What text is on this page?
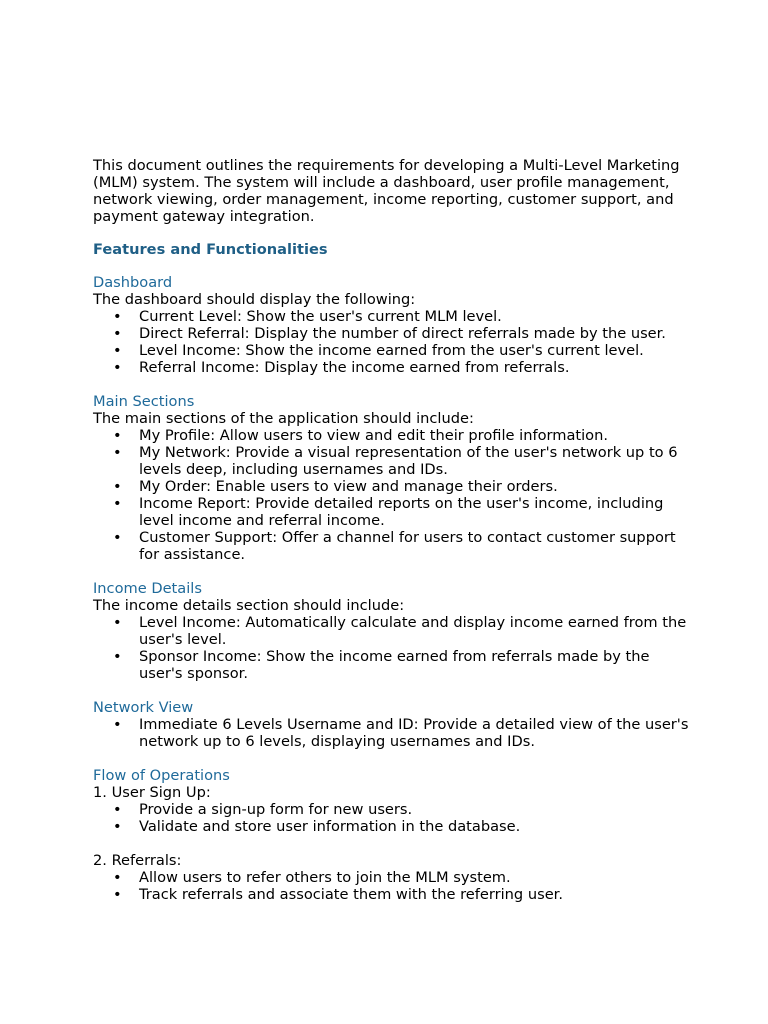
This document outlines the requirements for developing a Multi-Level Marketing (MLM) system. The system will include a dashboard, user profile management, network viewing, order management, income reporting, customer support, and payment gateway integration.

Features and Functionalities

Dashboard

The dashboard should display the following:

• Current Level: Show the user's current MLM level.
• Direct Referral: Display the number of direct referrals made by the user.
• Level Income: Show the income earned from the user's current level.
• Referral Income: Display the income earned from referrals.

Main Sections

The main sections of the application should include:

• My Profile: Allow users to view and edit their profile information.
• My Network: Provide a visual representation of the user's network up to 6 levels deep, including usernames and IDs.
• My Order: Enable users to view and manage their orders.
• Income Report: Provide detailed reports on the user's income, including level income and referral income.
• Customer Support: Offer a channel for users to contact customer support for assistance.

Income Details

The income details section should include:

• Level Income: Automatically calculate and display income earned from the user's level.
• Sponsor Income: Show the income earned from referrals made by the user's sponsor.

Network View

• Immediate 6 Levels Username and ID: Provide a detailed view of the user's network up to 6 levels, displaying usernames and IDs.

Flow of Operations

1. User Sign Up:

• Provide a sign-up form for new users.
• Validate and store user information in the database.

2. Referrals:

• Allow users to refer others to join the MLM system.
• Track referrals and associate them with the referring user.
